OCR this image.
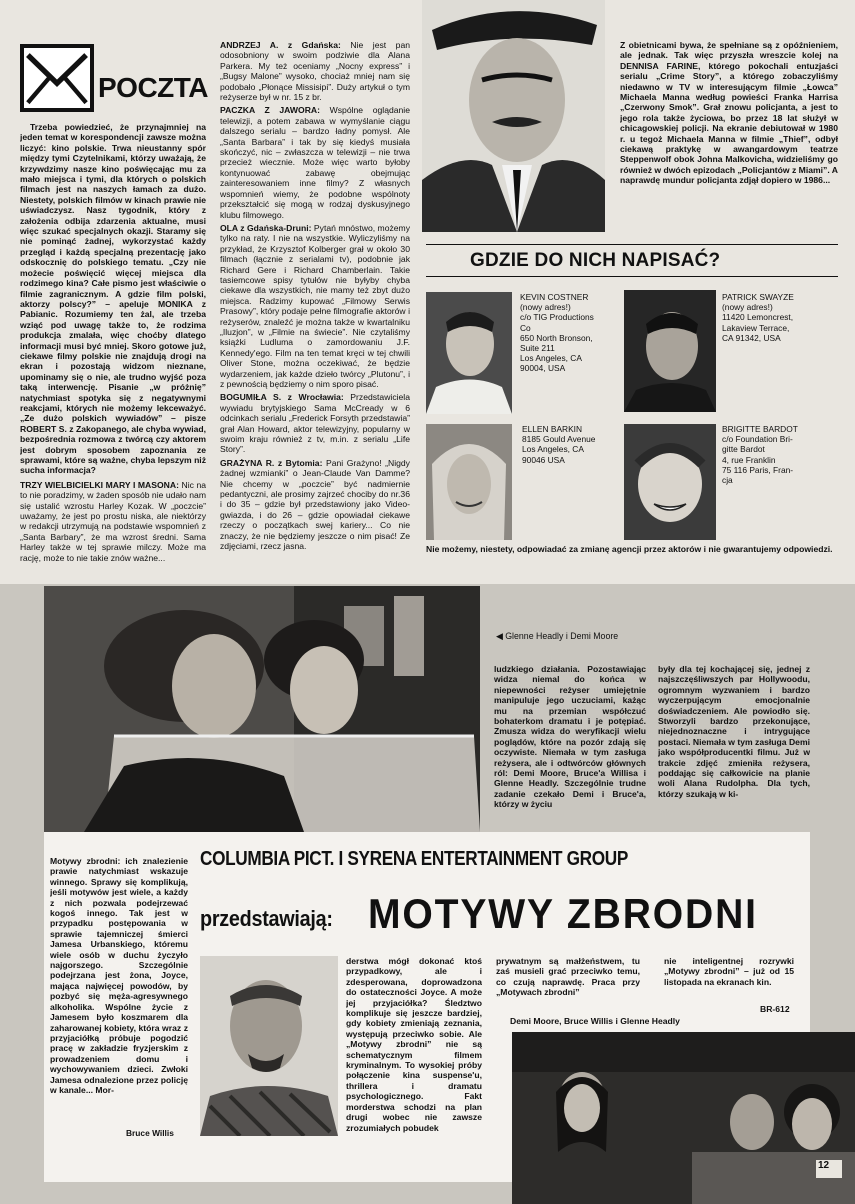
POCZTA

Trzeba powiedzieć, że przynajmniej na jeden temat w korespondencji zawsze można liczyć: kino polskie. Trwa nieustanny spór między tymi Czytelnikami, którzy uważają, że krzywdzimy nasze kino poświęcając mu za mało miejsca i tymi, dla których o polskich filmach jest na naszych łamach za dużo. Niestety, polskich filmów w kinach prawie nie uświadczysz. Nasz tygodnik, który z założenia odbija zdarzenia aktualne, musi więc szukać specjalnych okazji. Staramy się nie pominąć żadnej, wykorzystać każdy przegląd i każdą specjalną prezentację jako odskocznię do polskiego tematu. „Czy nie możecie poświęcić więcej miejsca dla rodzimego kina? Całe pismo jest właściwie o filmie zagranicznym. A gdzie film polski, aktorzy polscy?” – apeluje MONIKA z Pabianic. Rozumiemy ten żal, ale trzeba wziąć pod uwagę także to, że rodzima produkcja zmalała, więc choćby dlatego informacji musi być mniej. Skoro gotowe już, ciekawe filmy polskie nie znajdują drogi na ekran i pozostają widzom nieznane, upominamy się o nie, ale trudno wyjść poza taką interwencję. Pisanie „w próżnię” natychmiast spotyka się z negatywnymi reakcjami, których nie możemy lekceważyć. „Ze dużo polskich wywiadów” – pisze ROBERT S. z Zakopanego, ale chyba wywiad, bezpośrednia rozmowa z twórcą czy aktorem jest dobrym sposobem zapoznania ze sprawami, które są ważne, chyba lepszym niż sucha informacja?

TRZY WIELBICIELKI MARY I MASONA: Nic na to nie poradzimy, w żaden sposób nie udało nam się ustalić wzrostu Harley Kozak. W „poczcie” uważamy, że jest po prostu niska, ale niektórzy w redakcji utrzymują na podstawie wspomnień z „Santa Barbary”, że ma wzrost średni. Sama Harley także w tej sprawie milczy. Może ma rację, może to nie takie znów ważne...

ANDRZEJ A. z Gdańska: Nie jest pan odosobniony w swoim podziwie dla Alana Parkera. My też oceniamy „Nocny express” i „Bugsy Malone” wysoko, chociaż mniej nam się podobało „Płonące Missisipi”. Duży artykuł o tym reżyserze był w nr. 15 z br.

PACZKA Z JAWORA: Wspólne oglądanie telewizji, a potem zabawa w wymyślanie ciągu dalszego serialu – bardzo ładny pomysł. Ale „Santa Barbara” i tak by się kiedyś musiała skończyć, nic – zwłaszcza w telewizji – nie trwa przecież wiecznie. Może więc warto byłoby kontynuować zabawę obejmując zainteresowaniem inne filmy? Z własnych wspomnień wiemy, że podobne wspólnoty przekształcić się mogą w rodzaj dyskusyjnego klubu filmowego.

OLA z Gdańska-Druni: Pytań mnóstwo, możemy tylko na raty. I nie na wszystkie. Wyliczyliśmy na przykład, że Krzysztof Kolberger grał w około 30 filmach (łącznie z serialami tv), podobnie jak Richard Gere i Richard Chamberlain. Takie tasiemcowe spisy tytułów nie byłyby chyba ciekawe dla wszystkich, nie mamy też zbyt dużo miejsca. Radzimy kupować „Filmowy Serwis Prasowy”, który podaje pełne filmografie aktorów i reżyserów, znaleźć je można także w kwartalniku „Iluzjon”, w „Filmie na świecie”. Nie czytaliśmy książki Ludluma o zamordowaniu J.F. Kennedy'ego. Film na ten temat kręci w tej chwili Oliver Stone, można oczekiwać, że będzie wydarzeniem, jak każde dzieło twórcy „Plutonu”, i z pewnością będziemy o nim sporo pisać.

BOGUMIŁA S. z Wrocławia: Przedstawiciela wywiadu brytyjskiego Sama McCready w 6 odcinkach serialu „Frederick Forsyth przedstawia” grał Alan Howard, aktor telewizyjny, popularny w swoim kraju również z tv, m.in. z serialu „Life Story”.

GRAŻYNA R. z Bytomia: Pani Grażyno! „Nigdy żadnej wzmianki” o Jean-Claude Van Damme? Nie chcemy w „poczcie” być nadmiernie pedantyczni, ale prosimy zajrzeć chociby do nr.36 i do 35 – gdzie był przedstawiony jako Video-gwiazda, i do 26 – gdzie opowiadał ciekawe rzeczy o początkach swej kariery... Co nie znaczy, że nie będziemy jeszcze o nim pisać! Ze zdjęciami, rzecz jasna.

Z obietnicami bywa, że spełniane są z opóźnieniem, ale jednak. Tak więc przyszła wreszcie kolej na DENNISA FARINE, którego pokochali entuzjaści serialu „Crime Story”, a którego zobaczyliśmy niedawno w TV w interesującym filmie „Łowca” Michaela Manna według powieści Franka Harrisa „Czerwony Smok”. Grał znowu policjanta, a jest to jego rola także życiowa, bo przez 18 lat służył w chicagowskiej policji. Na ekranie debiutował w 1980 r. u tegoż Michaela Manna w filmie „Thief”, odbył ciekawą praktykę w awangardowym teatrze Steppenwolf obok Johna Malkovicha, widzieliśmy go również w dwóch epizodach „Policjantów z Miami”. A naprawdę mundur policjanta zdjął dopiero w 1986...
GDZIE DO NICH NAPISAĆ?
KEVIN COSTNER
(nowy adres!)
c/o TIG Productions
Co
650 North Bronson,
Suite 211
Los Angeles, CA
90004, USA
PATRICK SWAYZE
(nowy adres!)
11420 Lemoncrest,
Lakaview Terrace,
CA 91342, USA
ELLEN BARKIN
8185 Gould Avenue
Los Angeles, CA
90046 USA
BRIGITTE BARDOT
c/o Foundation Bri-
gitte Bardot
4, rue Franklin
75 116 Paris, Fran-
cja
Nie możemy, niestety, odpowiadać za zmianę agencji przez aktorów i nie gwarantujemy odpowiedzi.
◀ Glenne Headly i Demi Moore
ludzkiego działania. Pozostawiając widza niemal do końca w niepewności reżyser umiejętnie manipuluje jego uczuciami, każąc mu na przemian współczuć bohaterkom dramatu i je potępiać. Zmusza widza do weryfikacji wielu poglądów, które na pozór zdają się oczywiste. Niemała w tym zasługa reżysera, ale i odtwórców głównych ról: Demi Moore, Bruce'a Willisa i Glenne Headly. Szczególnie trudne zadanie czekało Demi i Bruce'a, którzy w życiu
były dla tej kochającej się, jednej z najszczęśliwszych par Hollywoodu, ogromnym wyzwaniem i bardzo wyczerpującym emocjonalnie doświadczeniem. Ale powiodło się. Stworzyli bardzo przekonujące, niejednoznaczne i intrygujące postaci. Niemała w tym zasługa Demi jako współproducentki filmu. Już w trakcie zdjęć zmieniła reżysera, poddając się całkowicie na planie woli Alana Rudolpha. Dla tych, którzy szukają w ki-
Motywy zbrodni: ich znalezienie prawie natychmiast wskazuje winnego. Sprawy się komplikują, jeśli motywów jest wiele, a każdy z nich pozwala podejrzewać kogoś innego. Tak jest w przypadku postępowania w sprawie tajemniczej śmierci Jamesa Urbanskiego, któremu wiele osób w duchu życzyło najgorszego. Szczególnie podejrzana jest żona, Joyce, mająca najwięcej powodów, by pozbyć się męża-agresywnego alkoholika. Wspólne życie z Jamesem było koszmarem dla zaharowanej kobiety, która wraz z przyjaciółką próbuje pogodzić pracę w zakładzie fryzjerskim z prowadzeniem domu i wychowywaniem dzieci. Zwłoki Jamesa odnalezione przez policję w kanale... Mor-
COLUMBIA PICT. I SYRENA ENTERTAINMENT GROUP
przedstawiają: MOTYWY ZBRODNI
Bruce Willis
derstwa mógł dokonać ktoś przypadkowy, ale i zdesperowana, doprowadzona do ostateczności Joyce. A może jej przyjaciółka? Śledztwo komplikuje się jeszcze bardziej, gdy kobiety zmieniają zeznania, występują przeciwko sobie. Ale „Motywy zbrodni” nie są schematycznym filmem kryminalnym. To wysokiej próby połączenie kina suspense'u, thrillera i dramatu psychologicznego. Fakt morderstwa schodzi na plan drugi wobec nie zawsze zrozumiałych pobudek
prywatnym są małżeństwem, tu zaś musieli grać przeciwko temu, co czują naprawdę. Praca przy „Motywach zbrodni”
nie inteligentnej rozrywki „Motywy zbrodni” – już od 15 listopada na ekranach kin.
BR-612
Demi Moore, Bruce Willis i Glenne Headly
12
